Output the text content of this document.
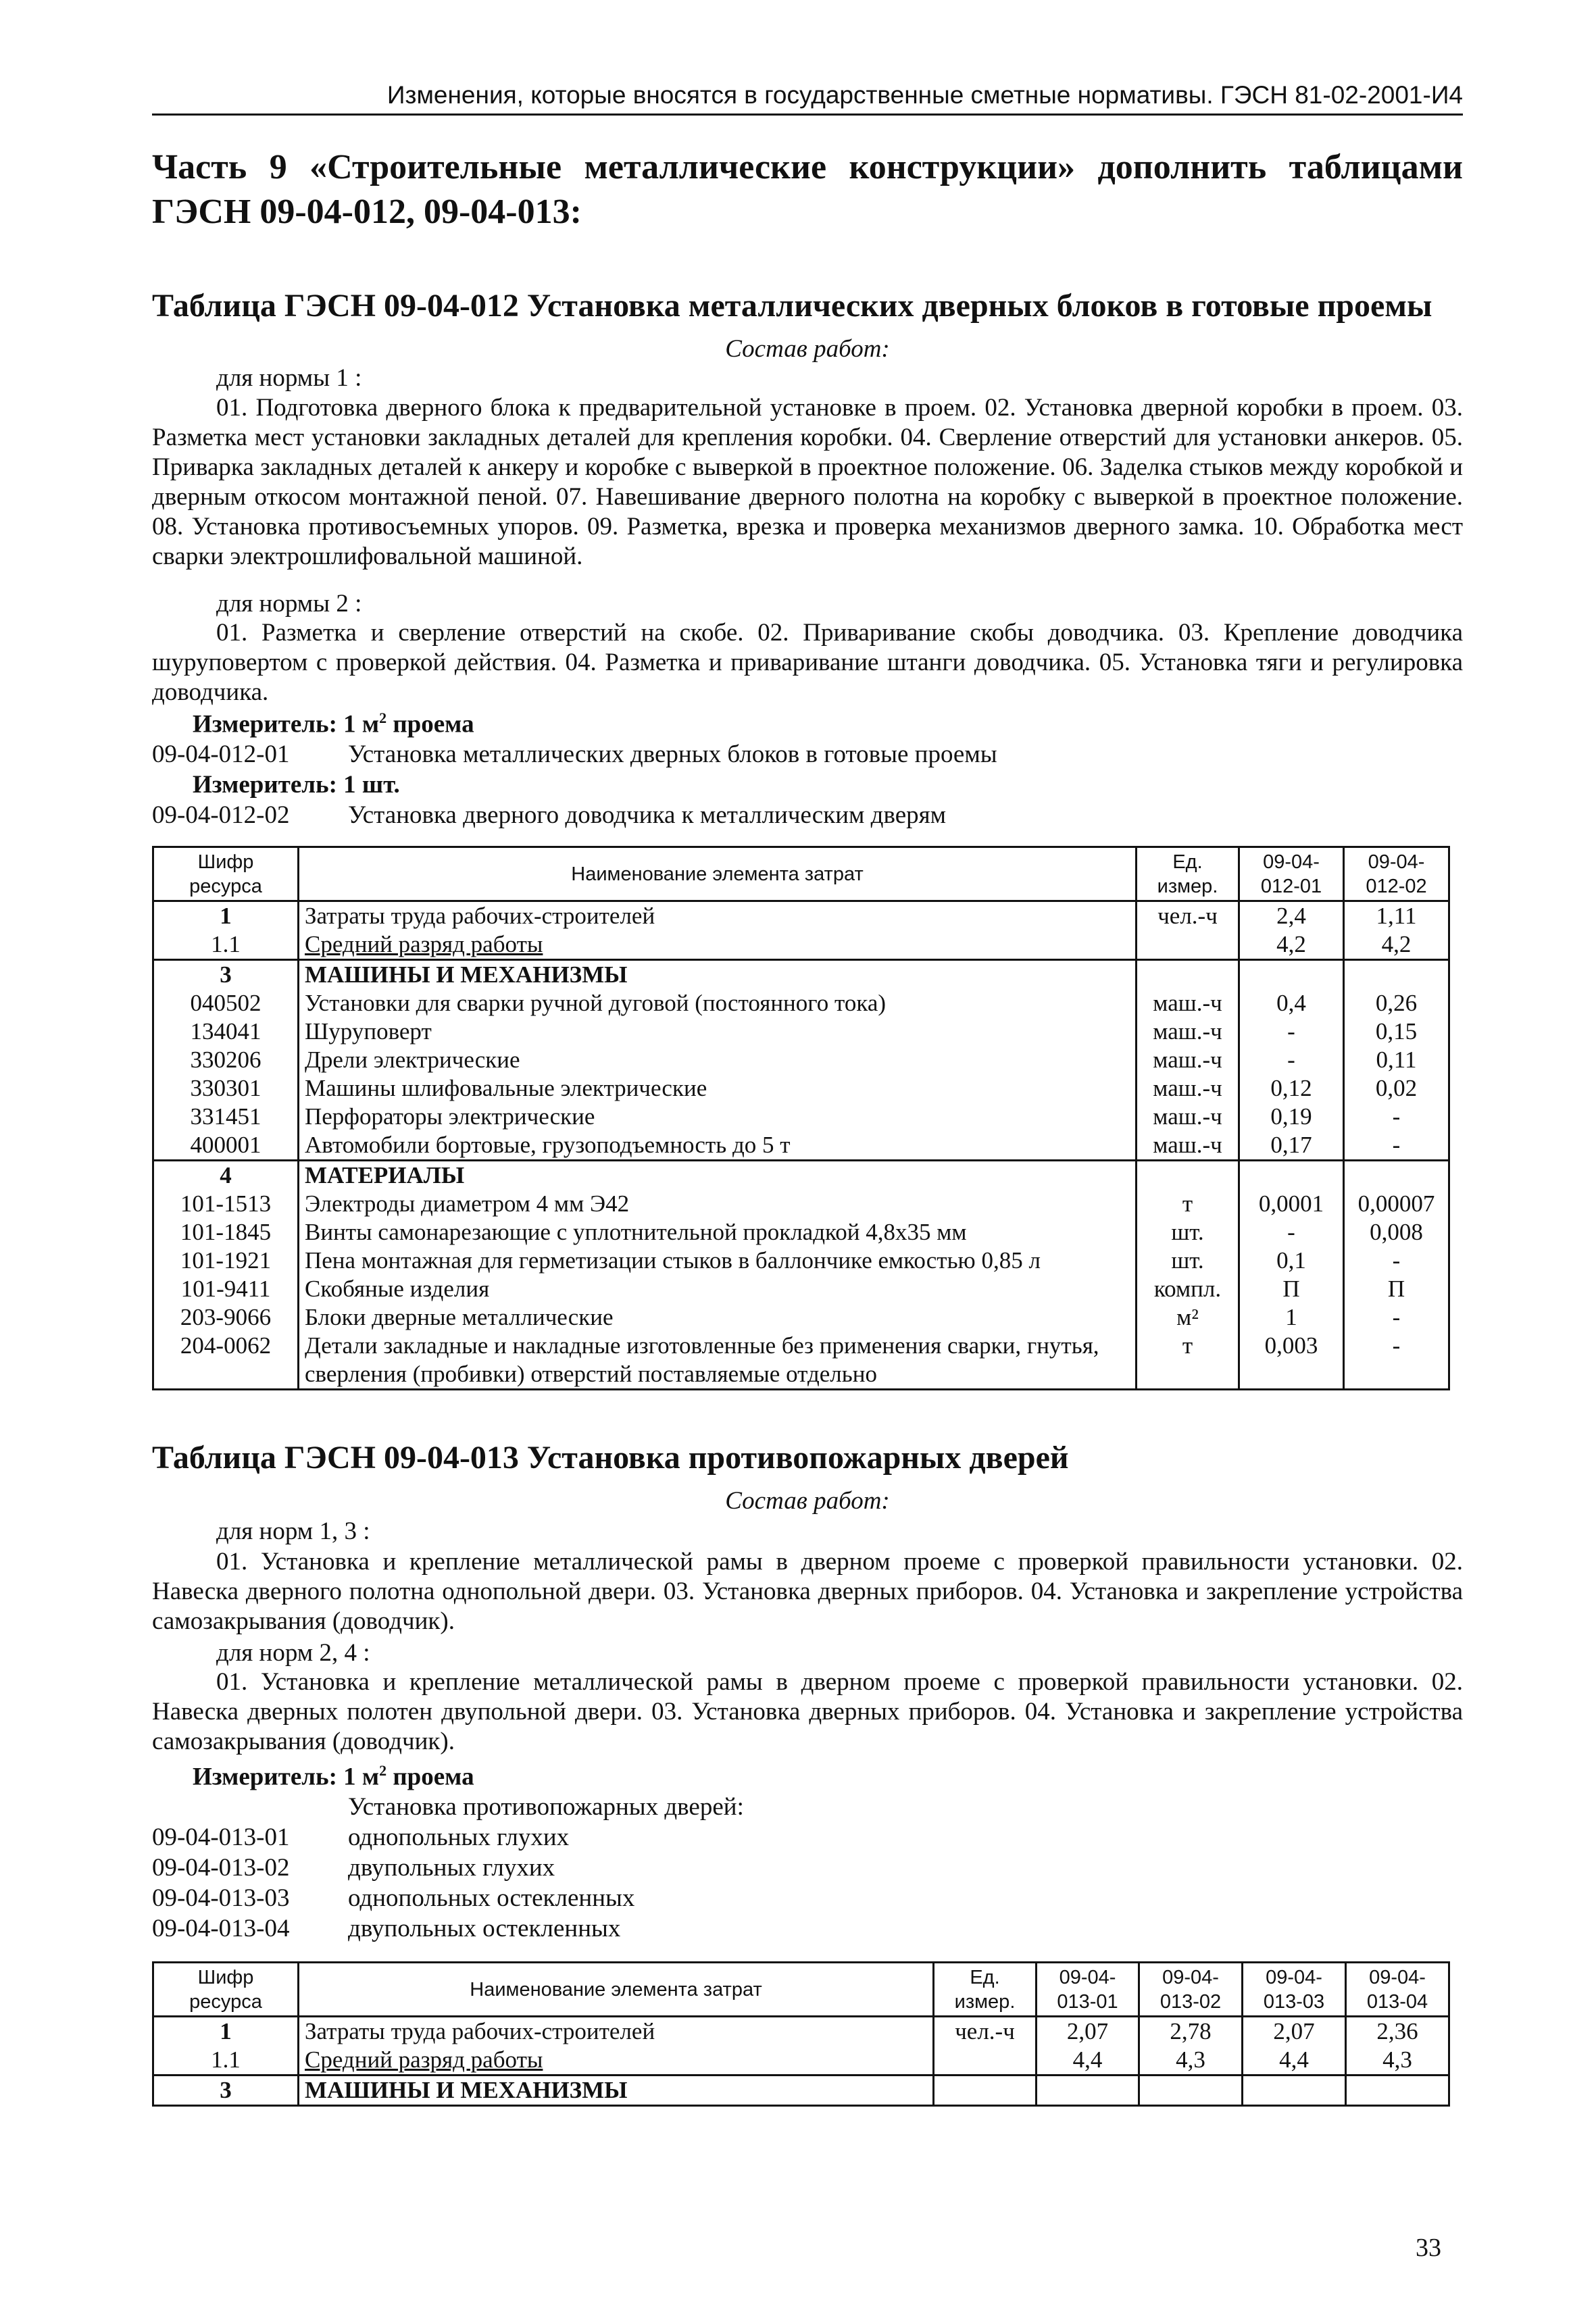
Изменения, которые вносятся в государственные сметные нормативы. ГЭСН 81-02-2001-И4
Часть 9 «Строительные металлические конструкции» дополнить таблицами ГЭСН 09-04-012, 09-04-013:
Таблица ГЭСН 09-04-012 Установка металлических дверных блоков в готовые проемы
Состав работ:
для нормы 1 :
01. Подготовка дверного блока к предварительной установке в проем. 02. Установка дверной коробки в проем. 03. Разметка мест установки закладных деталей для крепления коробки. 04. Сверление отверстий для установки анкеров. 05. Приварка закладных деталей к анкеру и коробке с выверкой в проектное положение. 06. Заделка стыков между коробкой и дверным откосом монтажной пеной. 07. Навешивание дверного полотна на коробку с выверкой в проектное положение. 08. Установка противосъемных упоров. 09. Разметка, врезка и проверка механизмов дверного замка. 10. Обработка мест сварки электрошлифовальной машиной.
для нормы 2 :
01. Разметка и сверление отверстий на скобе. 02. Приваривание скобы доводчика. 03. Крепление доводчика шуруповертом с проверкой действия. 04. Разметка и приваривание штанги доводчика. 05. Установка тяги и регулировка доводчика.
Измеритель: 1 $м^2$ проема
09-04-012-01 Установка металлических дверных блоков в готовые проемы
Измеритель: 1 шт.
09-04-012-02 Установка дверного доводчика к металлическим дверям
Шифр ресурса	Наименование элемента затрат	Ед. измер.	09-04-012-01	09-04-012-02
1	Затраты труда рабочих-строителей	чел.-ч	2,4	1,11
1.1	Средний разряд работы		4,2	4,2
3	МАШИНЫ И МЕХАНИЗМЫ			
040502	Установки для сварки ручной дуговой (постоянного тока)	маш.-ч	0,4	0,26
134041	Шуруповерт	маш.-ч	-	0,15
330206	Дрели электрические	маш.-ч	-	0,11
330301	Машины шлифовальные электрические	маш.-ч	0,12	0,02
331451	Перфораторы электрические	маш.-ч	0,19	-
400001	Автомобили бортовые, грузоподъемность до 5 т	маш.-ч	0,17	-
4	МАТЕРИАЛЫ			
101-1513	Электроды диаметром 4 мм Э42	т	0,0001	0,00007
101-1845	Винты самонарезающие с уплотнительной прокладкой 4,8х35 мм	шт.	-	0,008
101-1921	Пена монтажная для герметизации стыков в баллончике емкостью 0,85 л	шт.	0,1	-
101-9411	Скобяные изделия	компл.	П	П
203-9066	Блоки дверные металлические	м²	1	-
204-0062	Детали закладные и накладные изготовленные без применения сварки, гнутья, сверления (пробивки) отверстий поставляемые отдельно	т	0,003	-
Таблица ГЭСН 09-04-013 Установка противопожарных дверей
Состав работ:
для норм 1, 3 :
01. Установка и крепление металлической рамы в дверном проеме с проверкой правильности установки. 02. Навеска дверного полотна однопольной двери. 03. Установка дверных приборов. 04. Установка и закрепление устройства самозакрывания (доводчик).
для норм 2, 4 :
01. Установка и крепление металлической рамы в дверном проеме с проверкой правильности установки. 02. Навеска дверных полотен двупольной двери. 03. Установка дверных приборов. 04. Установка и закрепление устройства самозакрывания (доводчик).
Измеритель: 1 $м^2$ проема
Установка противопожарных дверей:
09-04-013-01 однопольных глухих
09-04-013-02 двупольных глухих
09-04-013-03 однопольных остекленных
09-04-013-04 двупольных остекленных
Шифр ресурса	Наименование элемента затрат	Ед. измер.	09-04-013-01	09-04-013-02	09-04-013-03	09-04-013-04
1	Затраты труда рабочих-строителей	чел.-ч	2,07	2,78	2,07	2,36
1.1	Средний разряд работы		4,4	4,3	4,4	4,3
3	МАШИНЫ И МЕХАНИЗМЫ					
33
